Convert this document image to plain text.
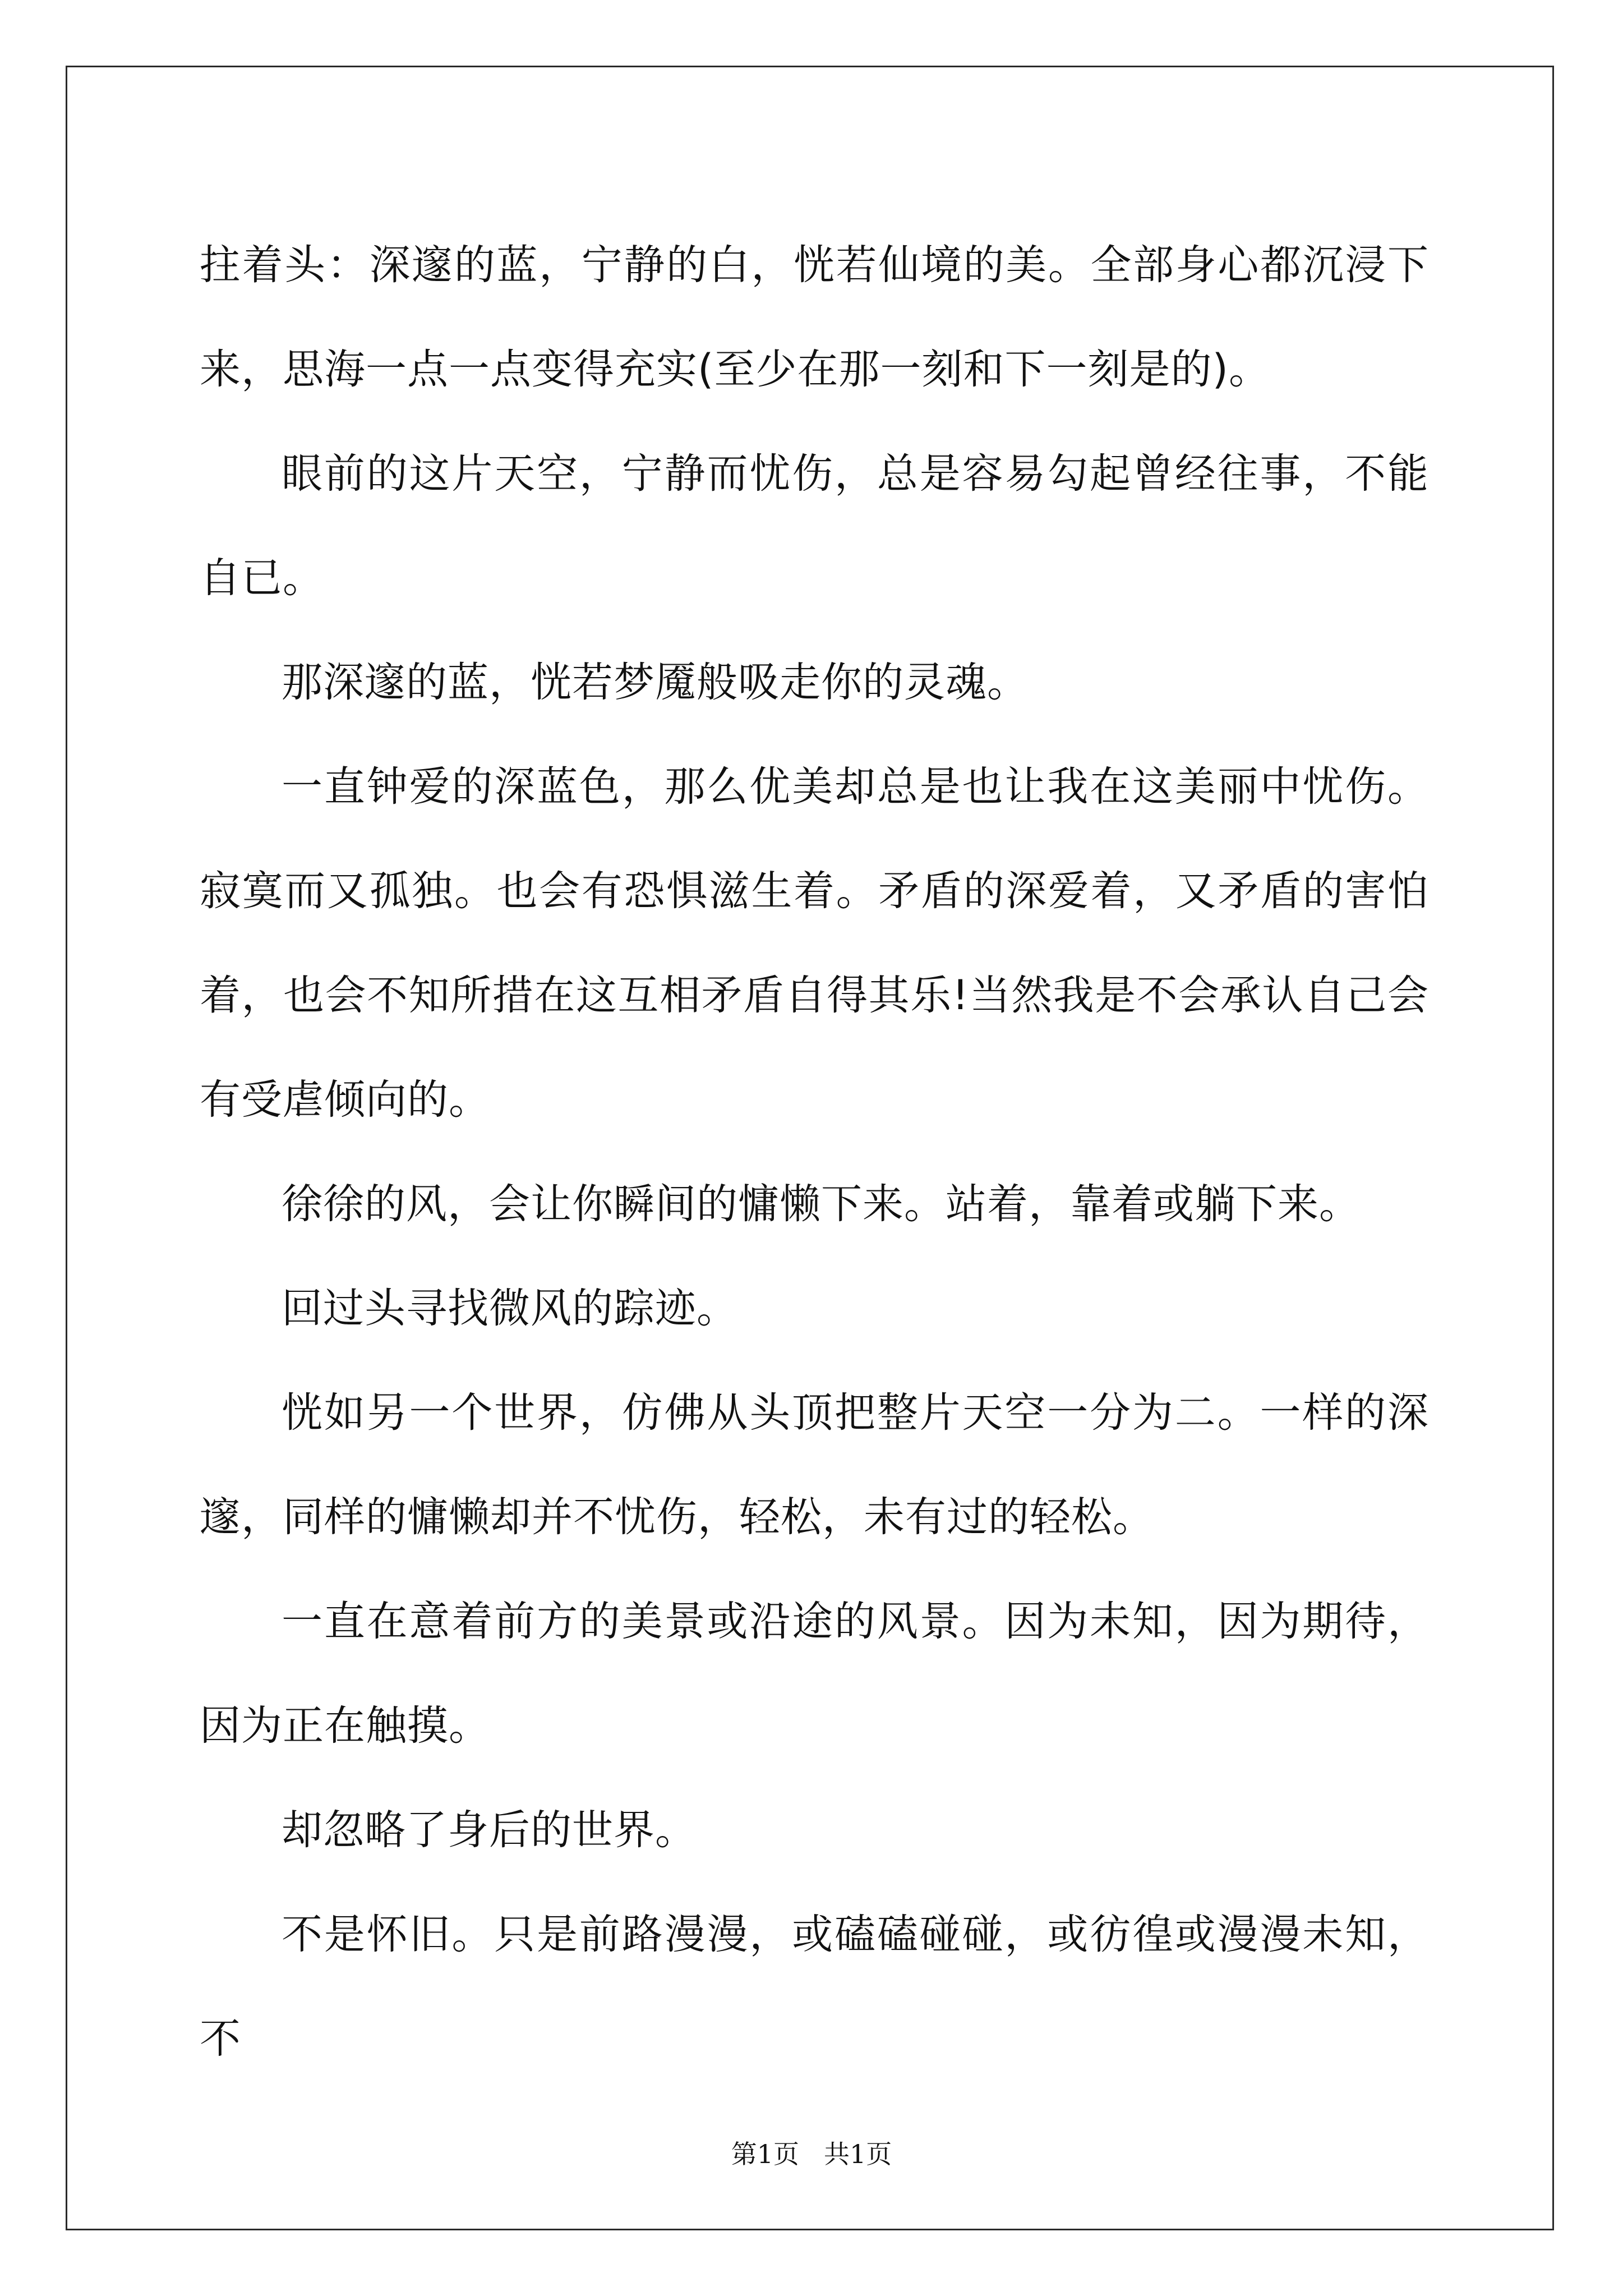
拄着头：深邃的蓝，宁静的白，恍若仙境的美。全部身心都沉浸下来，思海一点一点变得充实(至少在那一刻和下一刻是的)。

眼前的这片天空，宁静而忧伤，总是容易勾起曾经往事，不能自已。

那深邃的蓝，恍若梦魇般吸走你的灵魂。

一直钟爱的深蓝色，那么优美却总是也让我在这美丽中忧伤。寂寞而又孤独。也会有恐惧滋生着。矛盾的深爱着，又矛盾的害怕着，也会不知所措在这互相矛盾自得其乐!当然我是不会承认自己会有受虐倾向的。

徐徐的风，会让你瞬间的慵懒下来。站着，靠着或躺下来。

回过头寻找微风的踪迹。

恍如另一个世界，仿佛从头顶把整片天空一分为二。一样的深邃，同样的慵懒却并不忧伤，轻松，未有过的轻松。

一直在意着前方的美景或沿途的风景。因为未知，因为期待，因为正在触摸。

却忽略了身后的世界。

不是怀旧。只是前路漫漫，或磕磕碰碰，或彷徨或漫漫未知，不

第1页 共1页
